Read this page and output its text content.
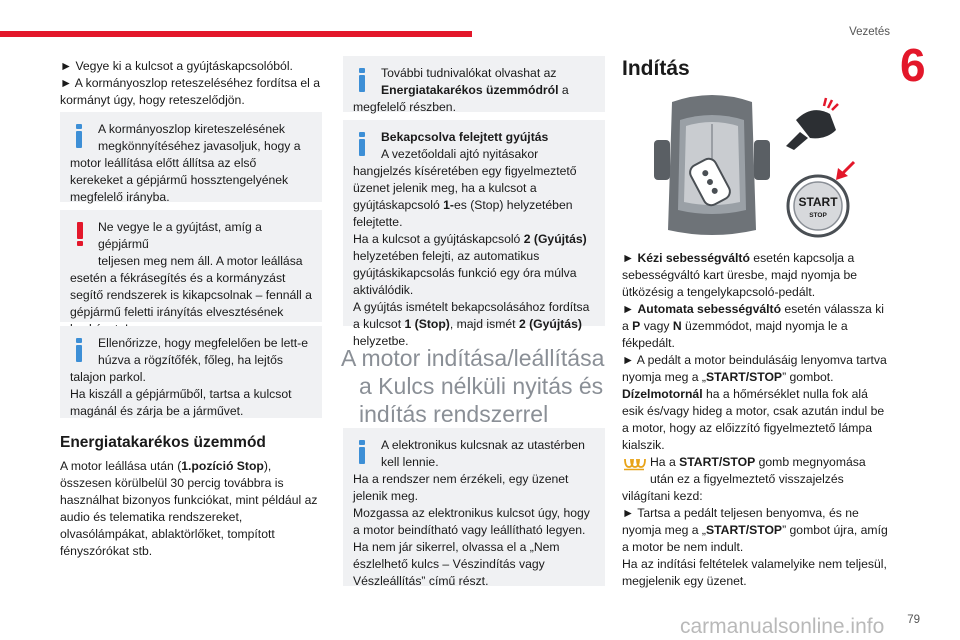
Vezetés
6
► Vegye ki a kulcsot a gyújtáskapcsolóból.
► A kormányoszlop reteszeléséhez fordítsa el a kormányt úgy, hogy reteszelődjön.
A kormányoszlop kireteszelésének
megkönnyítéséhez javasoljuk, hogy a
motor leállítása előtt állítsa az első kerekeket a gépjármű hossztengelyének megfelelő irányba.
Ne vegye le a gyújtást, amíg a gépjármű
teljesen meg nem áll. A motor leállása
esetén a fékrásegítés és a kormányzást segítő rendszerek is kikapcsolnak – fennáll a gépjármű feletti irányítás elvesztésének
Ellenőrizze, hogy megfelelően be lett-e
húzva a rögzítőfék, főleg, ha lejtős
talajon parkol.
Ha kiszáll a gépjárműből, tartsa a kulcsot magánál és zárja be a járművet.
Energiatakarékos üzemmód
A motor leállása után (1.pozíció Stop), összesen körülbelül 30 percig továbbra is használhat bizonyos funkciókat, mint például az audio és telematika rendszereket, olvasólámpákat, ablaktörlőket, tompított fényszórókat stb.
További tudnivalókat olvashat az
Energiatakarékos üzemmódról a
megfelelő részben.
Bekapcsolva felejtett gyújtás
A vezetőoldali ajtó nyitásakor hangjelzés kíséretében egy figyelmeztető üzenet jelenik meg, ha a kulcsot a gyújtáskapcsoló 1-es (Stop) helyzetében felejtette.
Ha a kulcsot a gyújtáskapcsoló 2 (Gyújtás) helyzetében felejti, az automatikus gyújtáskikapcsolás funkció egy óra múlva aktiválódik.
A gyújtás ismételt bekapcsolásához fordítsa a kulcsot 1 (Stop), majd ismét 2 (Gyújtás) helyzetbe.
A motor indítása/leállítása
a Kulcs nélküli nyitás és
indítás rendszerrel
A elektronikus kulcsnak az utastérben
kell lennie.
Ha a rendszer nem érzékeli, egy üzenet jelenik meg.
Mozgassa az elektronikus kulcsot úgy, hogy a motor beindítható vagy leállítható legyen.
Ha nem jár sikerrel, olvassa el a „Nem észlelhető kulcs – Vészindítás vagy Vészleállítás” című részt.
Indítás
START
STOP
► Kézi sebességváltó esetén kapcsolja a sebességváltó kart üresbe, majd nyomja be ütközésig a tengelykapcsoló-pedált.
► Automata sebességváltó esetén válassza ki a P vagy N üzemmódot, majd nyomja le a fékpedált.
► A pedált a motor beindulásáig lenyomva tartva nyomja meg a „START/STOP” gombot.
Dízelmotornál ha a hőmérséklet nulla fok alá esik és/vagy hideg a motor, csak azután indul be a motor, hogy az előizzító figyelmeztető lámpa kialszik.
Ha a START/STOP gomb megnyomása
után ez a figyelmeztető visszajelzés
világítani kezd:
► Tartsa a pedált teljesen benyomva, és ne nyomja meg a „START/STOP” gombot újra, amíg a motor be nem indult.
Ha az indítási feltételek valamelyike nem teljesül, megjelenik egy üzenet.
carmanualsonline.info 79
